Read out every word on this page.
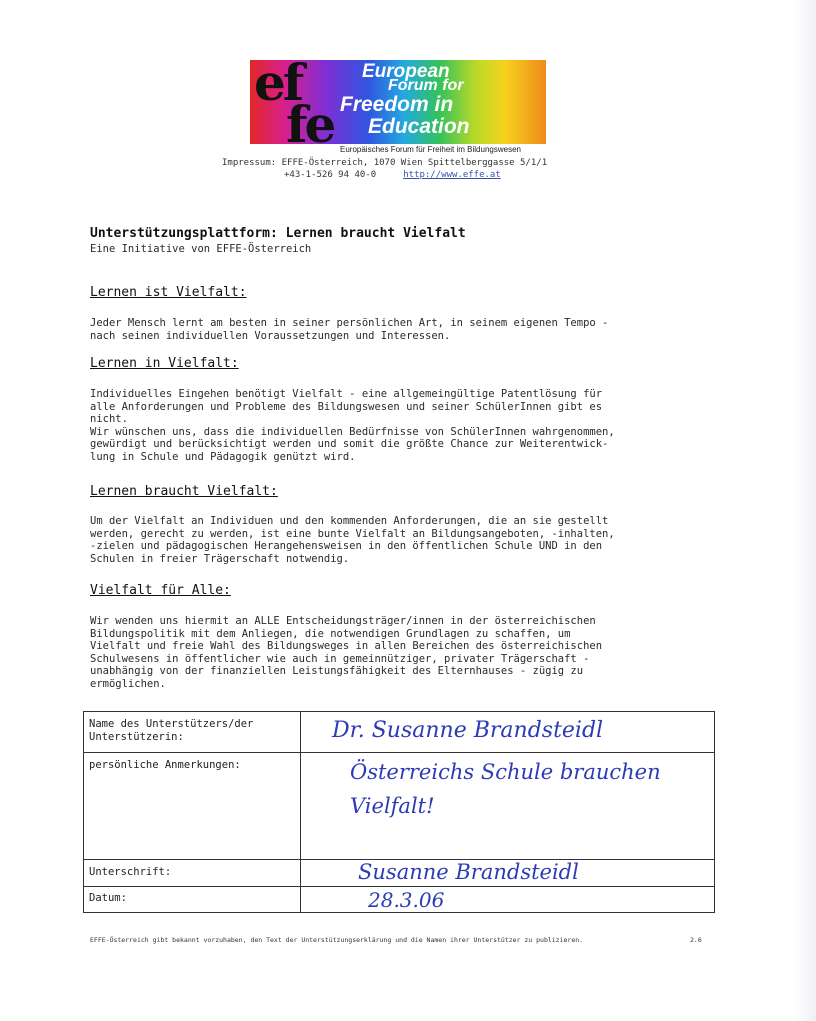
ef
fe
European
Forum for
Freedom in
Education
Europäisches Forum für Freiheit im Bildungswesen
Impressum: EFFE-Österreich, 1070 Wien Spittelberggasse 5/1/1
+43-1-526 94 40-0	http://www.effe.at
Unterstützungsplattform: Lernen braucht Vielfalt
Eine Initiative von EFFE-Österreich
Lernen ist Vielfalt:
Jeder Mensch lernt am besten in seiner persönlichen Art, in seinem eigenen Tempo -
nach seinen individuellen Voraussetzungen und Interessen.
Lernen in Vielfalt:
Individuelles Eingehen benötigt Vielfalt - eine allgemeingültige Patentlösung für
alle Anforderungen und Probleme des Bildungswesen und seiner SchülerInnen gibt es
nicht.
Wir wünschen uns, dass die individuellen Bedürfnisse von SchülerInnen wahrgenommen,
gewürdigt und berücksichtigt werden und somit die größte Chance zur Weiterentwick-
lung in Schule und Pädagogik genützt wird.
Lernen braucht Vielfalt:
Um der Vielfalt an Individuen und den kommenden Anforderungen, die an sie gestellt
werden, gerecht zu werden, ist eine bunte Vielfalt an Bildungsangeboten, -inhalten,
-zielen und pädagogischen Herangehensweisen in den öffentlichen Schule UND in den
Schulen in freier Trägerschaft notwendig.
Vielfalt für Alle:
Wir wenden uns hiermit an ALLE Entscheidungsträger/innen in der österreichischen
Bildungspolitik mit dem Anliegen, die notwendigen Grundlagen zu schaffen, um
Vielfalt und freie Wahl des Bildungsweges in allen Bereichen des österreichischen
Schulwesens in öffentlicher wie auch in gemeinnütziger, privater Trägerschaft -
unabhängig von der finanziellen Leistungsfähigkeit des Elternhauses - zügig zu
ermöglichen.
Name des Unterstützers/der
Unterstützerin:
persönliche Anmerkungen:
Unterschrift:
Datum:
Dr. Susanne Brandsteidl
Österreichs Schule brauchen
Vielfalt!
Susanne Brandsteidl
28.3.06
EFFE-Österreich gibt bekannt vorzuhaben, den Text der Unterstützungserklärung und die Namen ihrer Unterstützer zu publizieren.	2.6
